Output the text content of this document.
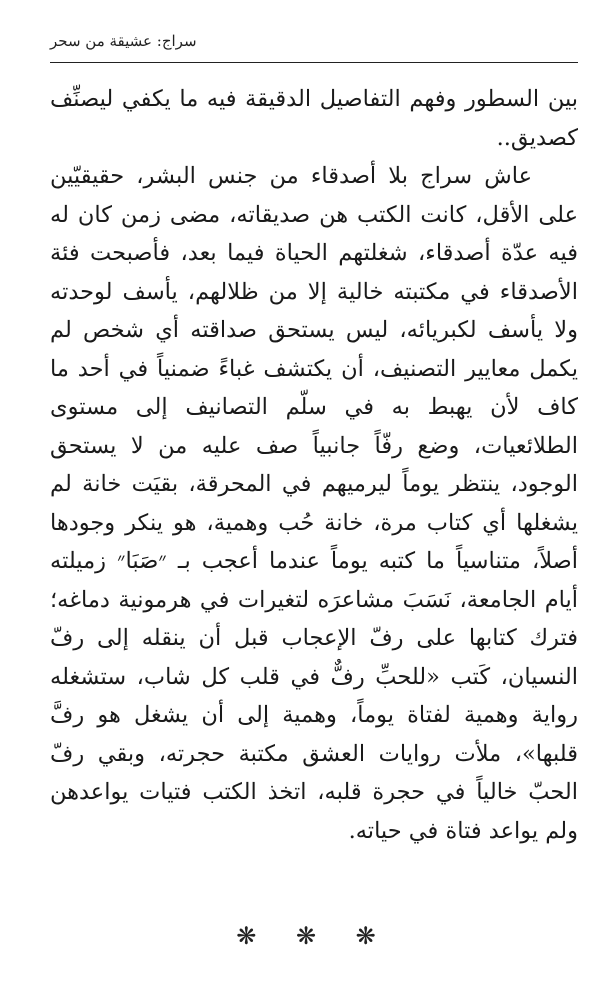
سراج: عشيقة من سحر

بين السطور وفهم التفاصيل الدقيقة فيه ما يكفي ليصنِّف كصديق..

عاش سراج بلا أصدقاء من جنس البشر، حقيقيّين على الأقل، كانت الكتب هن صديقاته، مضى زمن كان له فيه عدّة أصدقاء، شغلتهم الحياة فيما بعد، فأصبحت فئة الأصدقاء في مكتبته خالية إلا من ظلالهم، يأسف لوحدته ولا يأسف لكبريائه، ليس يستحق صداقته أي شخص لم يكمل معايير التصنيف، أن يكتشف غباءً ضمنياً في أحد ما كاف لأن يهبط به في سلّم التصانيف إلى مستوى الطلائعيات، وضع رفّاً جانبياً صف عليه من لا يستحق الوجود، ينتظر يوماً ليرميهم في المحرقة، بقيَت خانة لم يشغلها أي كتاب مرة، خانة حُب وهمية، هو ينكر وجودها أصلاً، متناسياً ما كتبه يوماً عندما أعجب بـ ״صَبَا״ زميلته أيام الجامعة، نَسَبَ مشاعرَه لتغيرات في هرمونية دماغه؛ فترك كتابها على رفّ الإعجاب قبل أن ينقله إلى رفّ النسيان، كَتب «للحبِّ رفٌّ في قلب كل شاب، ستشغله رواية وهمية لفتاة يوماً، وهمية إلى أن يشغل هو رفَّ قلبها»، ملأت روايات العشق مكتبة حجرته، وبقي رفّ الحبّ خالياً في حجرة قلبه، اتخذ الكتب فتيات يواعدهن ولم يواعد فتاة في حياته.

❋ ❋ ❋
